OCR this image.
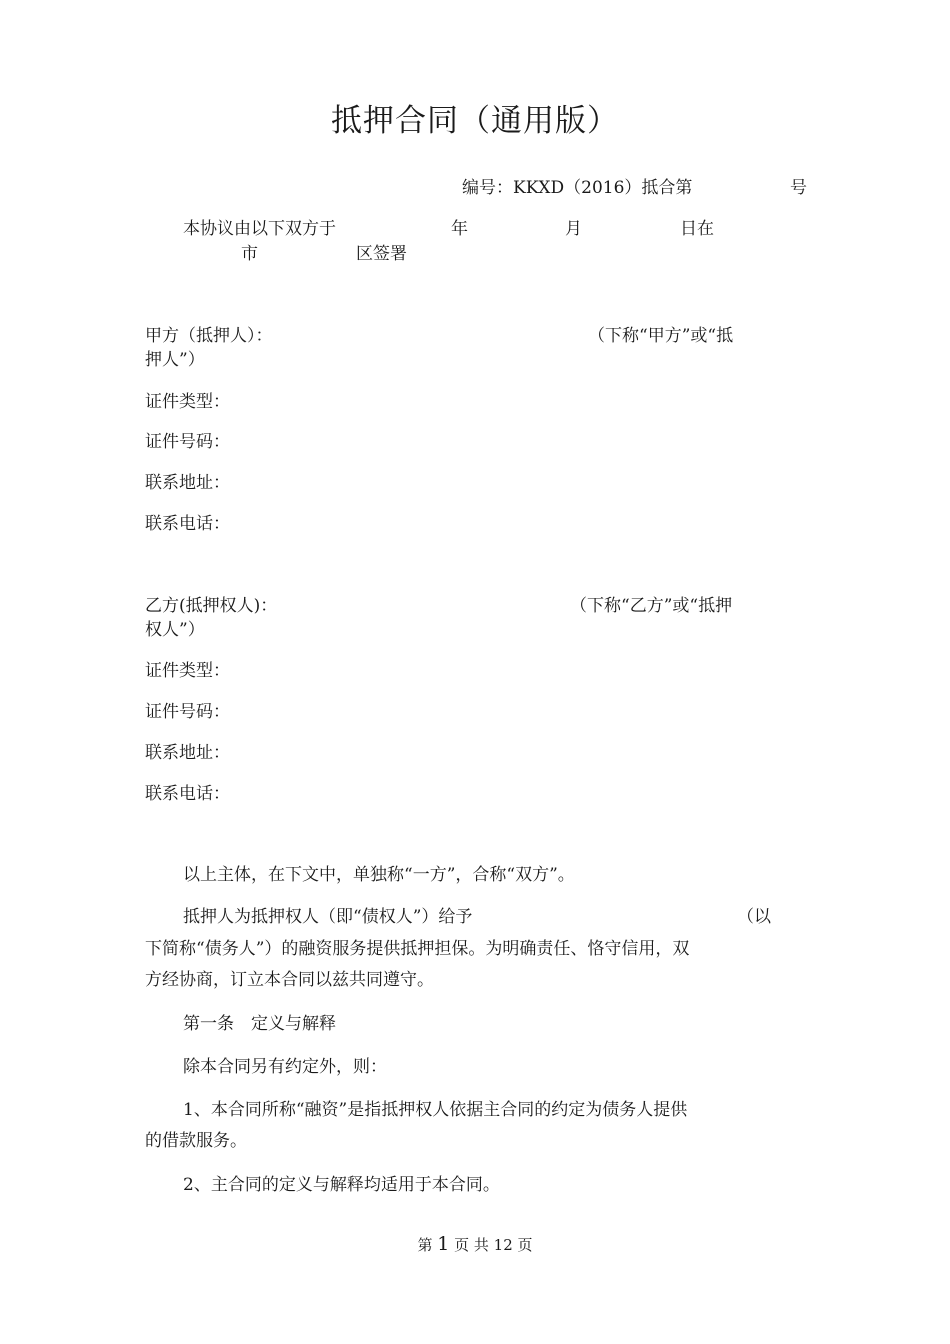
抵押合同（通用版）
编号：KKXD（2016）抵合第	号
本协议由以下双方于	年	月	日在
市	区签署
甲方（抵押人）：	（下称“甲方”或“抵
押人”）
证件类型：
证件号码：
联系地址：
联系电话：
乙方(抵押权人)：	（下称“乙方”或“抵押
权人”）
证件类型：
证件号码：
联系地址：
联系电话：
以上主体，在下文中，单独称“一方”，合称“双方”。
抵押人为抵押权人（即“债权人”）给予	（以
下简称“债务人”）的融资服务提供抵押担保。为明确责任、恪守信用，双
方经协商，订立本合同以兹共同遵守。
第一条　定义与解释
除本合同另有约定外，则：
1、本合同所称“融资”是指抵押权人依据主合同的约定为债务人提供
的借款服务。
2、主合同的定义与解释均适用于本合同。
第 1 页 共 12 页
